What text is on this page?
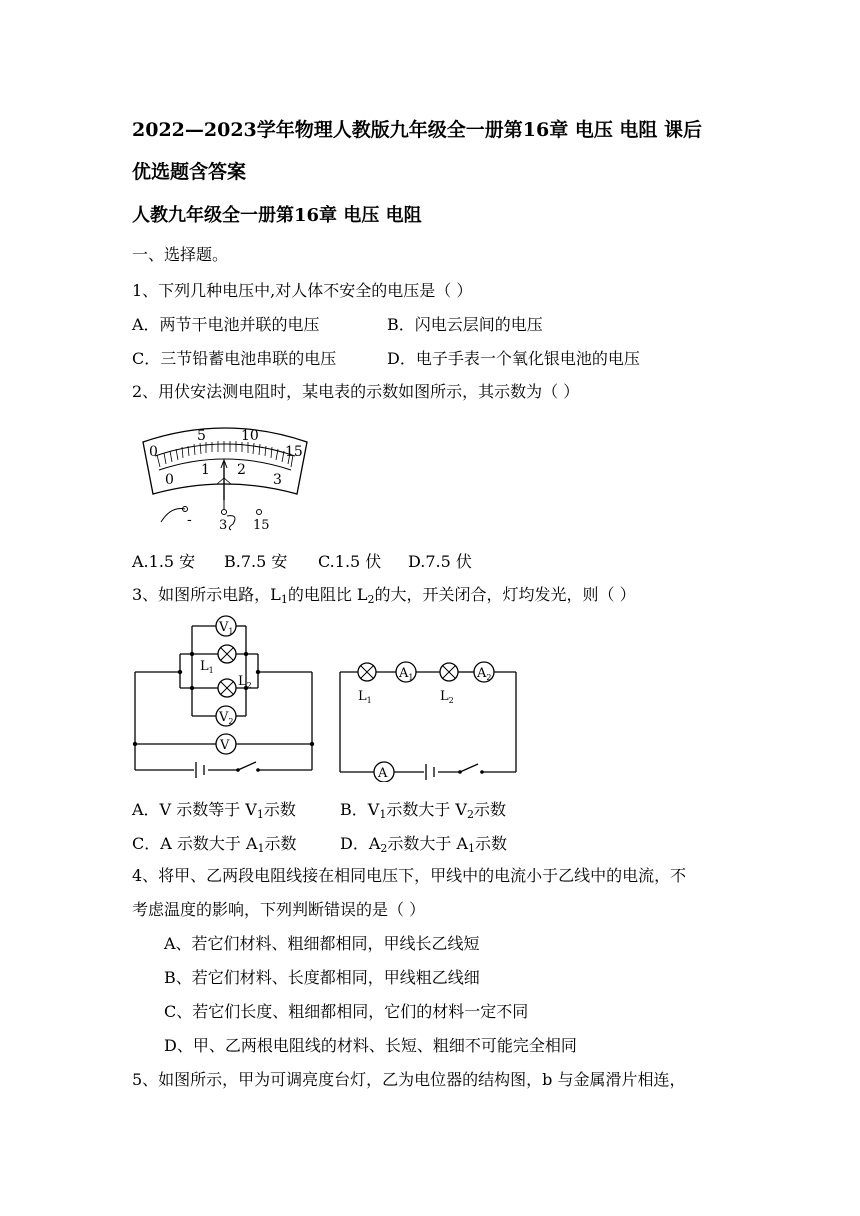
2022—2023学年物理人教版九年级全一册第16章 电压 电阻 课后
优选题含答案
人教九年级全一册第16章 电压 电阻
一、选择题。
1、下列几种电压中,对人体不安全的电压是（ ）
A．两节干电池并联的电压	B．闪电云层间的电压
C．三节铅蓄电池串联的电压	D．电子手表一个氧化银电池的电压
2、用伏安法测电阻时，某电表的示数如图所示，其示数为（ ）
0
5	10
15
0
1 2
3
- 3 15
A.1.5 安 B.7.5 安 C.1.5 伏 D.7.5 伏
3、如图所示电路，$L_1$的电阻比 $L_2$的大，开关闭合，灯均发光，则（ ）
$V_1$
$L_1$
$L_2$
$V_2$
V
$L_1$
$A_1$
$L_2$
$A_2$
A
A．V 示数等于 $V_1$示数	B．$V_1$示数大于 $V_2$示数
C．A 示数大于 $A_1$示数	D．$A_2$示数大于 $A_1$示数
4、将甲、乙两段电阻线接在相同电压下，甲线中的电流小于乙线中的电流，不
考虑温度的影响，下列判断错误的是（ ）
A、若它们材料、粗细都相同，甲线长乙线短
B、若它们材料、长度都相同，甲线粗乙线细
C、若它们长度、粗细都相同，它们的材料一定不同
D、甲、乙两根电阻线的材料、长短、粗细不可能完全相同
5、如图所示，甲为可调亮度台灯，乙为电位器的结构图，b 与金属滑片相连，
